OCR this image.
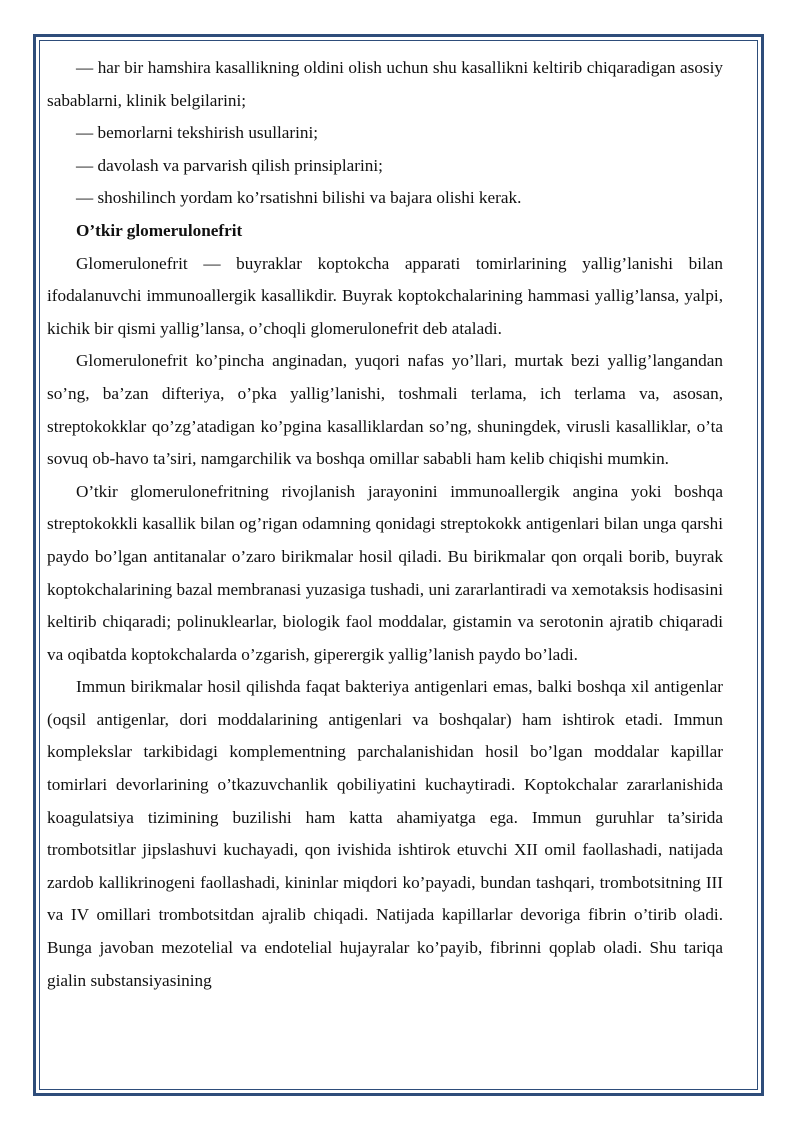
— har bir hamshira kasallikning oldini olish uchun shu kasallikni keltirib chiqaradigan asosiy sabablarni, klinik belgilarini;

— bemorlarni tekshirish usullarini;

— davolash va parvarish qilish prinsiplarini;

— shoshilinch yordam ko’rsatishni bilishi va bajara olishi kerak.

O’tkir glomerulonefrit

Glomerulonefrit — buyraklar koptokcha apparati tomirlarining yallig’lanishi bilan ifodalanuvchi immunoallergik kasallikdir. Buyrak koptokchalarining hammasi yallig’lansa, yalpi, kichik bir qismi yallig’lansa, o’choqli glomerulonefrit deb ataladi.

Glomerulonefrit ko’pincha anginadan, yuqori nafas yo’llari, murtak bezi yallig’langandan so’ng, ba’zan difteriya, o’pka yallig’lanishi, toshmali terlama, ich terlama va, asosan, streptokokklar qo’zg’atadigan ko’pgina kasalliklardan so’ng, shuningdek, virusli kasalliklar, o’ta sovuq ob-havo ta’siri, namgarchilik va boshqa omillar sababli ham kelib chiqishi mumkin.

O’tkir glomerulonefritning rivojlanish jarayonini immunoallergik angina yoki boshqa streptokokkli kasallik bilan og’rigan odamning qonidagi streptokokk antigenlari bilan unga qarshi paydo bo’lgan antitanalar o’zaro birikmalar hosil qiladi. Bu birikmalar qon orqali borib, buyrak koptokchalarining bazal membranasi yuzasiga tushadi, uni zararlantiradi va xemotaksis hodisasini keltirib chiqaradi; polinuklearlar, biologik faol moddalar, gistamin va serotonin ajratib chiqaradi va oqibatda koptokchalarda o’zgarish, giperergik yallig’lanish paydo bo’ladi.

Immun birikmalar hosil qilishda faqat bakteriya antigenlari emas, balki boshqa xil antigenlar (oqsil antigenlar, dori moddalarining antigenlari va boshqalar) ham ishtirok etadi. Immun komplekslar tarkibidagi komplementning parchalanishidan hosil bo’lgan moddalar kapillar tomirlari devorlarining o’tkazuvchanlik qobiliyatini kuchaytiradi. Koptokchalar zararlanishida koagulatsiya tizimining buzilishi ham katta ahamiyatga ega. Immun guruhlar ta’sirida trombotsitlar jipslashuvi kuchayadi, qon ivishida ishtirok etuvchi XII omil faollashadi, natijada zardob kallikrinogeni faollashadi, kininlar miqdori ko’payadi, bundan tashqari, trombotsitning III va IV omillari trombotsitdan ajralib chiqadi. Natijada kapillarlar devoriga fibrin o’tirib oladi. Bunga javoban mezotelial va endotelial hujayralar ko’payib, fibrinni qoplab oladi. Shu tariqa gialin substansiyasining
